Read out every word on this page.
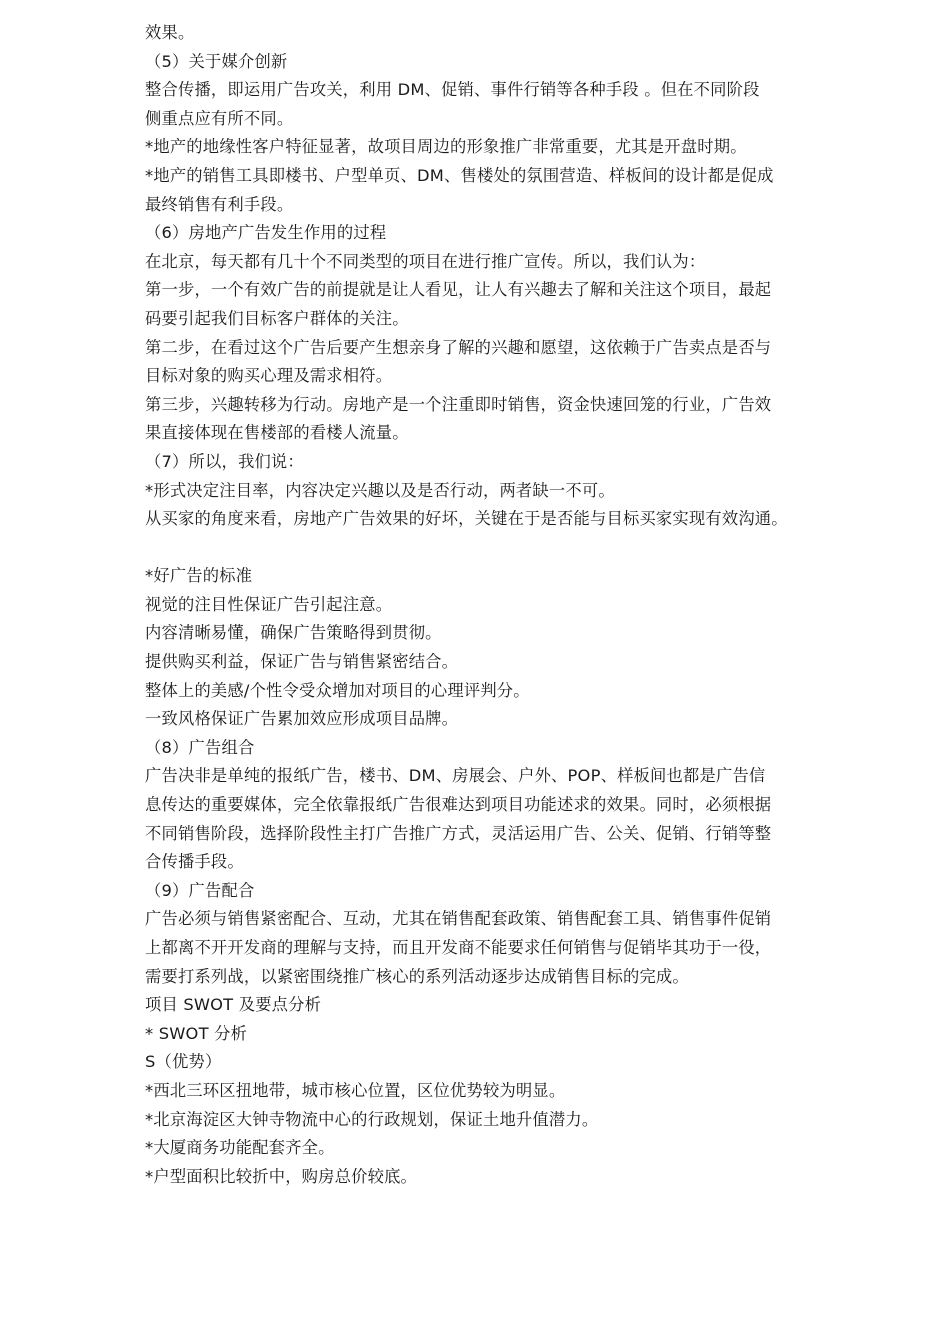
效果。
（5）关于媒介创新
整合传播，即运用广告攻关，利用 DM、促销、事件行销等各种手段 。但在不同阶段
侧重点应有所不同。
*地产的地缘性客户特征显著，故项目周边的形象推广非常重要，尤其是开盘时期。
*地产的销售工具即楼书、户型单页、DM、售楼处的氛围营造、样板间的设计都是促成
最终销售有利手段。
（6）房地产广告发生作用的过程
在北京，每天都有几十个不同类型的项目在进行推广宣传。所以，我们认为：
第一步，一个有效广告的前提就是让人看见，让人有兴趣去了解和关注这个项目，最起
码要引起我们目标客户群体的关注。
第二步，在看过这个广告后要产生想亲身了解的兴趣和愿望，这依赖于广告卖点是否与
目标对象的购买心理及需求相符。
第三步，兴趣转移为行动。房地产是一个注重即时销售，资金快速回笼的行业，广告效
果直接体现在售楼部的看楼人流量。
（7）所以，我们说：
*形式决定注目率，内容决定兴趣以及是否行动，两者缺一不可。
从买家的角度来看，房地产广告效果的好坏，关键在于是否能与目标买家实现有效沟通。
*好广告的标准
视觉的注目性保证广告引起注意。
内容清晰易懂，确保广告策略得到贯彻。
提供购买利益，保证广告与销售紧密结合。
整体上的美感/个性令受众增加对项目的心理评判分。
一致风格保证广告累加效应形成项目品牌。
（8）广告组合
广告决非是单纯的报纸广告，楼书、DM、房展会、户外、POP、样板间也都是广告信
息传达的重要媒体，完全依靠报纸广告很难达到项目功能述求的效果。同时，必须根据
不同销售阶段，选择阶段性主打广告推广方式，灵活运用广告、公关、促销、行销等整
合传播手段。
（9）广告配合
广告必须与销售紧密配合、互动，尤其在销售配套政策、销售配套工具、销售事件促销
上都离不开开发商的理解与支持，而且开发商不能要求任何销售与促销毕其功于一役，
需要打系列战，以紧密围绕推广核心的系列活动逐步达成销售目标的完成。
项目 SWOT 及要点分析
* SWOT 分析
S（优势）
*西北三环区扭地带，城市核心位置，区位优势较为明显。
*北京海淀区大钟寺物流中心的行政规划，保证土地升值潜力。
*大厦商务功能配套齐全。
*户型面积比较折中，购房总价较底。
